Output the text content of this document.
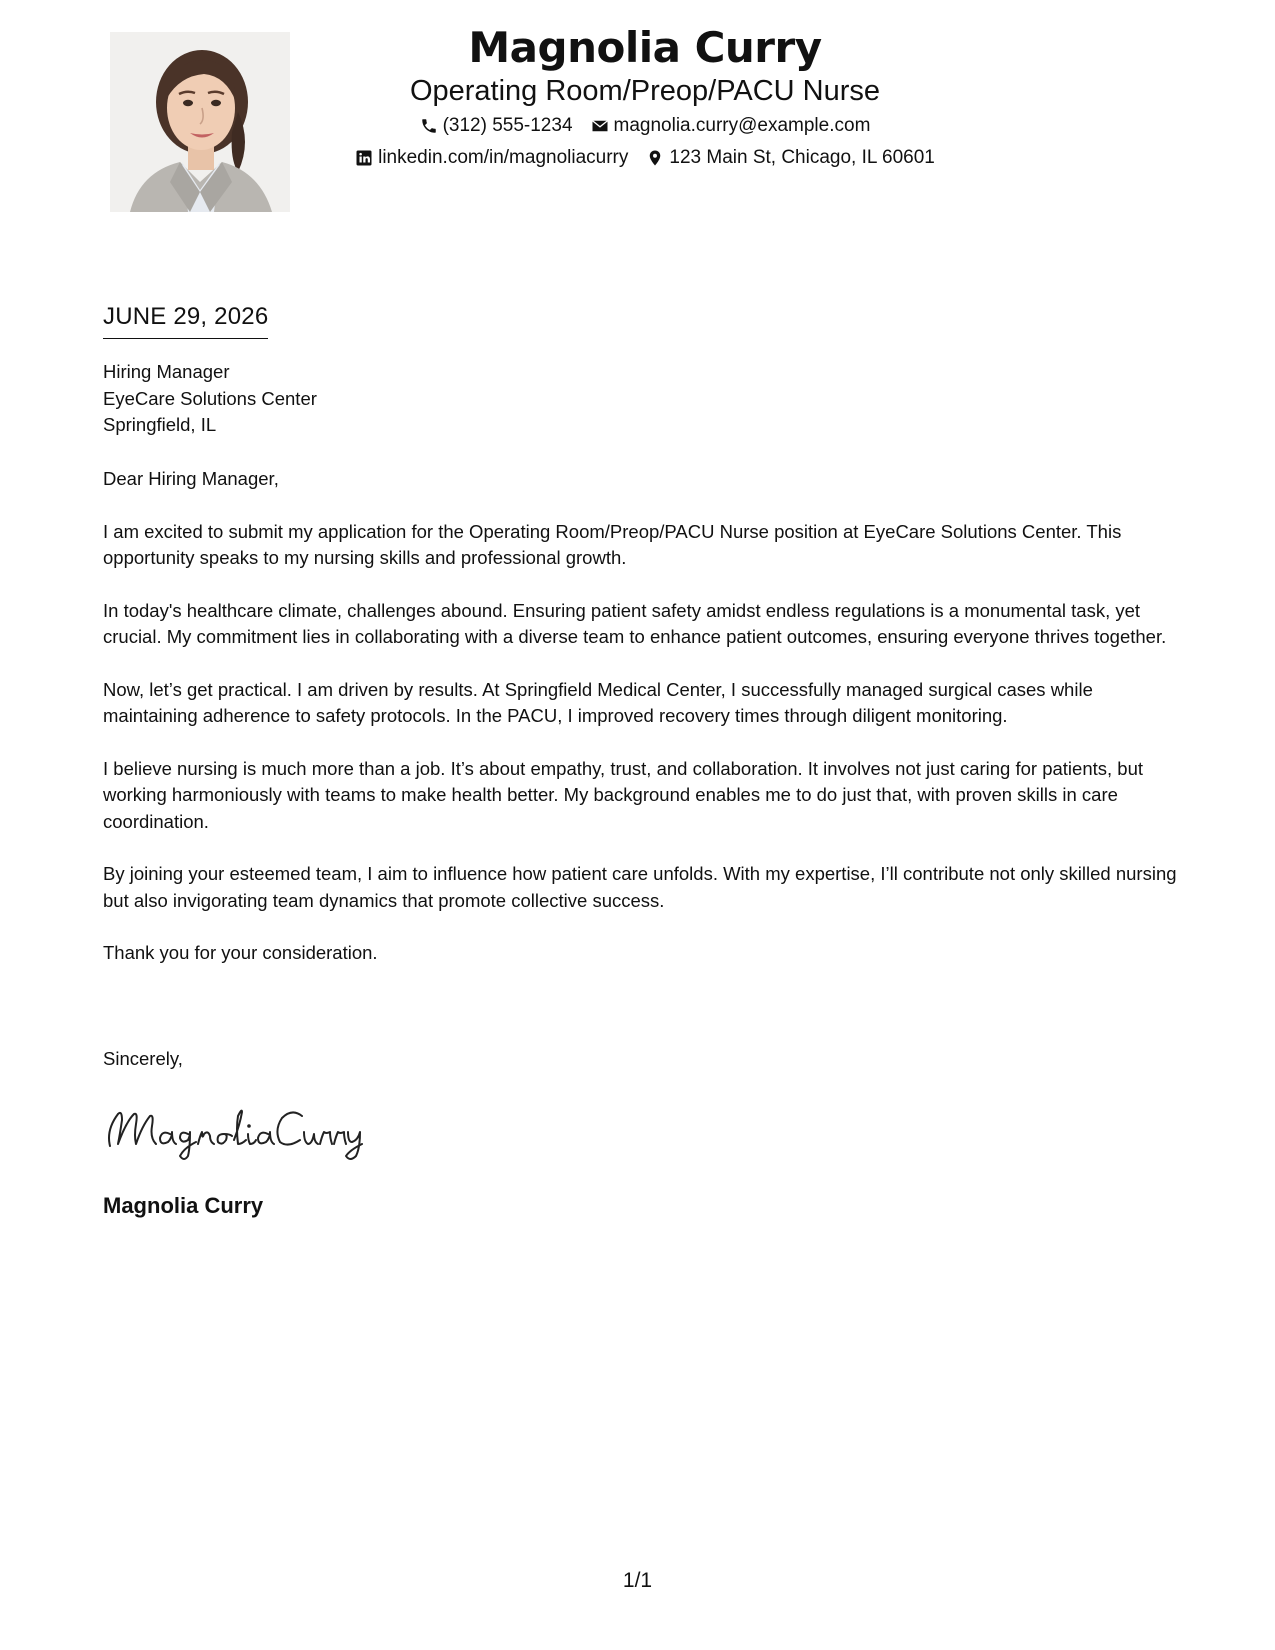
Magnolia Curry
Operating Room/Preop/PACU Nurse
(312) 555-1234 magnolia.curry@example.com
linkedin.com/in/magnoliacurry 123 Main St, Chicago, IL 60601
JUNE 29, 2026
Hiring Manager
EyeCare Solutions Center
Springfield, IL

Dear Hiring Manager,

I am excited to submit my application for the Operating Room/Preop/PACU Nurse position at EyeCare Solutions Center. This opportunity speaks to my nursing skills and professional growth.

In today's healthcare climate, challenges abound. Ensuring patient safety amidst endless regulations is a monumental task, yet crucial. My commitment lies in collaborating with a diverse team to enhance patient outcomes, ensuring everyone thrives together.

Now, let’s get practical. I am driven by results. At Springfield Medical Center, I successfully managed surgical cases while maintaining adherence to safety protocols. In the PACU, I improved recovery times through diligent monitoring.

I believe nursing is much more than a job. It’s about empathy, trust, and collaboration. It involves not just caring for patients, but working harmoniously with teams to make health better. My background enables me to do just that, with proven skills in care coordination.

By joining your esteemed team, I aim to influence how patient care unfolds. With my expertise, I’ll contribute not only skilled nursing but also invigorating team dynamics that promote collective success.

Thank you for your consideration.

Sincerely,
Magnolia Curry
1/1
